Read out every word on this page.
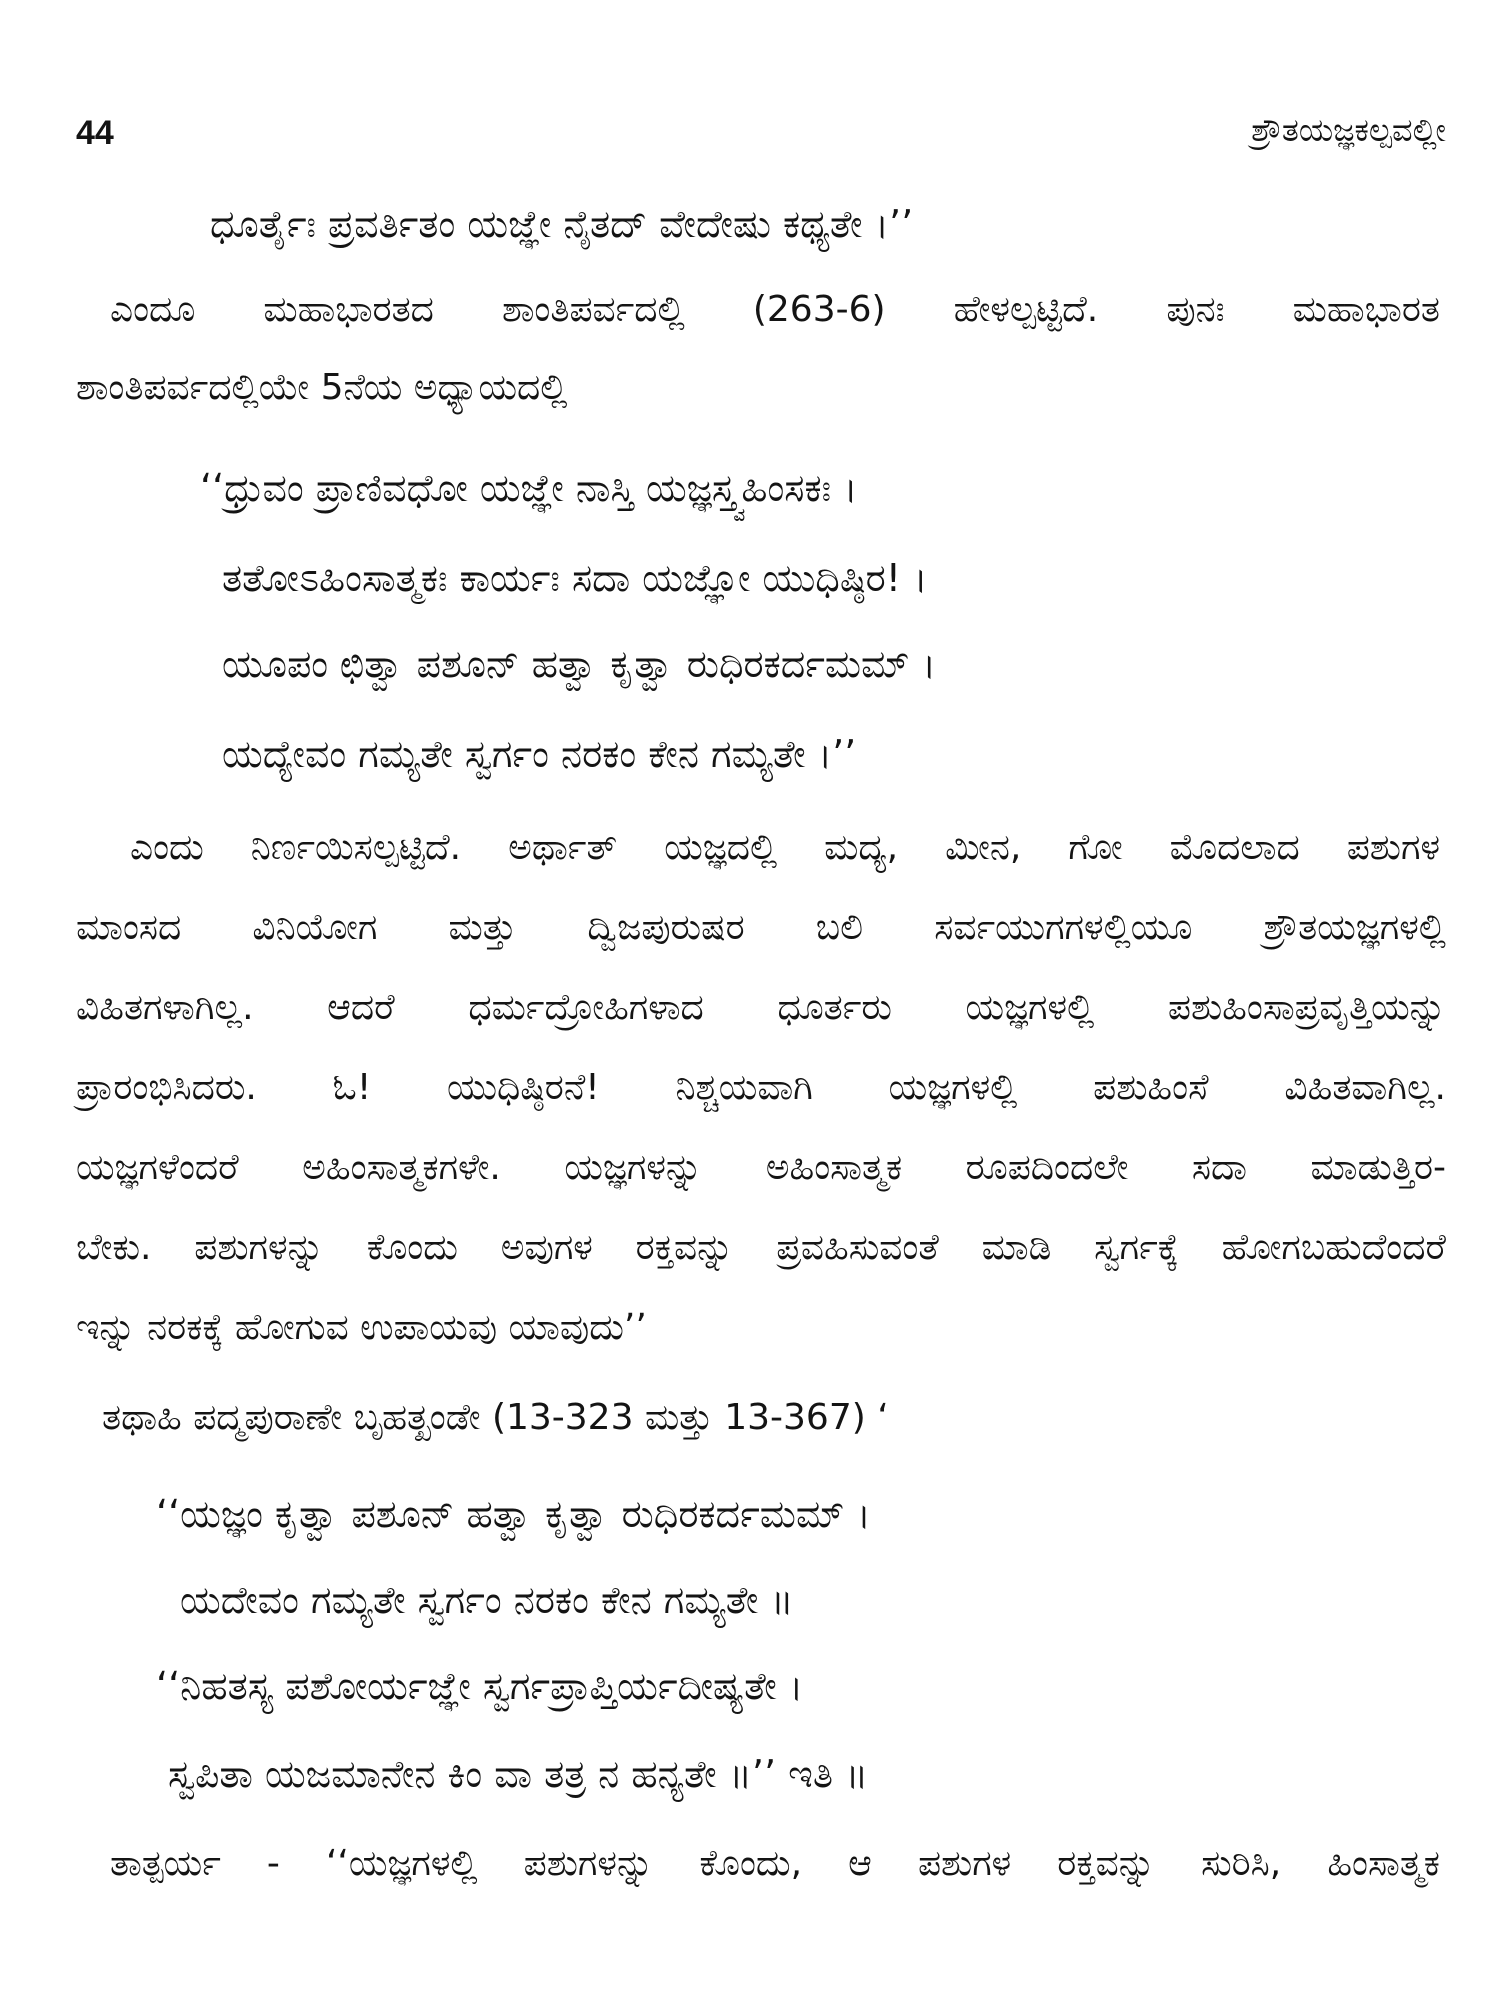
44	ಶ್ರೌತಯಜ್ಞಕಲ್ಪವಲ್ಲೀ
ಧೂರ್ತೈಃ ಪ್ರವರ್ತಿತಂ ಯಜ್ಞೇ ನೈತದ್ ವೇದೇಷು ಕಥ್ಯತೇ ।’’
ಎಂದೂ ಮಹಾಭಾರತದ ಶಾಂತಿಪರ್ವದಲ್ಲಿ (263-6) ಹೇಳಲ್ಪಟ್ಟಿದೆ. ಪುನಃ ಮಹಾಭಾರತ
ಶಾಂತಿಪರ್ವದಲ್ಲಿಯೇ 5ನೆಯ ಅಧ್ಯಾಯದಲ್ಲಿ
‘‘ಧ್ರುವಂ ಪ್ರಾಣಿವಧೋ ಯಜ್ಞೇ ನಾಸ್ತಿ ಯಜ್ಞಸ್ತ್ವಹಿಂಸಕಃ ।
ತತೋಽಹಿಂಸಾತ್ಮಕಃ ಕಾರ್ಯಃ ಸದಾ ಯಜ್ಞೋ ಯುಧಿಷ್ಠಿರ! ।
ಯೂಪಂ ಛಿತ್ವಾ ಪಶೂನ್ ಹತ್ವಾ ಕೃತ್ವಾ ರುಧಿರಕರ್ದಮಮ್ ।
ಯದ್ಯೇವಂ ಗಮ್ಯತೇ ಸ್ವರ್ಗಂ ನರಕಂ ಕೇನ ಗಮ್ಯತೇ ।’’
ಎಂದು ನಿರ್ಣಯಿಸಲ್ಪಟ್ಟಿದೆ. ಅರ್ಥಾತ್ ಯಜ್ಞದಲ್ಲಿ ಮದ್ಯ, ಮೀನ, ಗೋ ಮೊದಲಾದ ಪಶುಗಳ
ಮಾಂಸದ ವಿನಿಯೋಗ ಮತ್ತು ದ್ವಿಜಪುರುಷರ ಬಲಿ ಸರ್ವಯುಗಗಳಲ್ಲಿಯೂ ಶ್ರೌತಯಜ್ಞಗಳಲ್ಲಿ
ವಿಹಿತಗಳಾಗಿಲ್ಲ. ಆದರೆ ಧರ್ಮದ್ರೋಹಿಗಳಾದ ಧೂರ್ತರು ಯಜ್ಞಗಳಲ್ಲಿ ಪಶುಹಿಂಸಾಪ್ರವೃತ್ತಿಯನ್ನು
ಪ್ರಾರಂಭಿಸಿದರು. ಓ! ಯುಧಿಷ್ಠಿರನೆ! ನಿಶ್ಚಯವಾಗಿ ಯಜ್ಞಗಳಲ್ಲಿ ಪಶುಹಿಂಸೆ ವಿಹಿತವಾಗಿಲ್ಲ.
ಯಜ್ಞಗಳೆಂದರೆ ಅಹಿಂಸಾತ್ಮಕಗಳೇ. ಯಜ್ಞಗಳನ್ನು ಅಹಿಂಸಾತ್ಮಕ ರೂಪದಿಂದಲೇ ಸದಾ ಮಾಡುತ್ತಿರ-
ಬೇಕು. ಪಶುಗಳನ್ನು ಕೊಂದು ಅವುಗಳ ರಕ್ತವನ್ನು ಪ್ರವಹಿಸುವಂತೆ ಮಾಡಿ ಸ್ವರ್ಗಕ್ಕೆ ಹೋಗಬಹುದೆಂದರೆ
ಇನ್ನು ನರಕಕ್ಕೆ ಹೋಗುವ ಉಪಾಯವು ಯಾವುದು’’
ತಥಾಹಿ ಪದ್ಮಪುರಾಣೇ ಬೃಹತ್ಖಂಡೇ (13-323 ಮತ್ತು 13-367) ‘
‘‘ಯಜ್ಞಂ ಕೃತ್ವಾ ಪಶೂನ್ ಹತ್ವಾ ಕೃತ್ವಾ ರುಧಿರಕರ್ದಮಮ್ ।
ಯದೇವಂ ಗಮ್ಯತೇ ಸ್ವರ್ಗಂ ನರಕಂ ಕೇನ ಗಮ್ಯತೇ ॥
‘‘ನಿಹತಸ್ಯ ಪಶೋರ್ಯಜ್ಞೇ ಸ್ವರ್ಗಪ್ರಾಪ್ತಿರ್ಯದೀಷ್ಯತೇ ।
ಸ್ವಪಿತಾ ಯಜಮಾನೇನ ಕಿಂ ವಾ ತತ್ರ ನ ಹನ್ಯತೇ ॥’’ ಇತಿ ॥
ತಾತ್ಪರ್ಯ - ‘‘ಯಜ್ಞಗಳಲ್ಲಿ ಪಶುಗಳನ್ನು ಕೊಂದು, ಆ ಪಶುಗಳ ರಕ್ತವನ್ನು ಸುರಿಸಿ, ಹಿಂಸಾತ್ಮಕ
